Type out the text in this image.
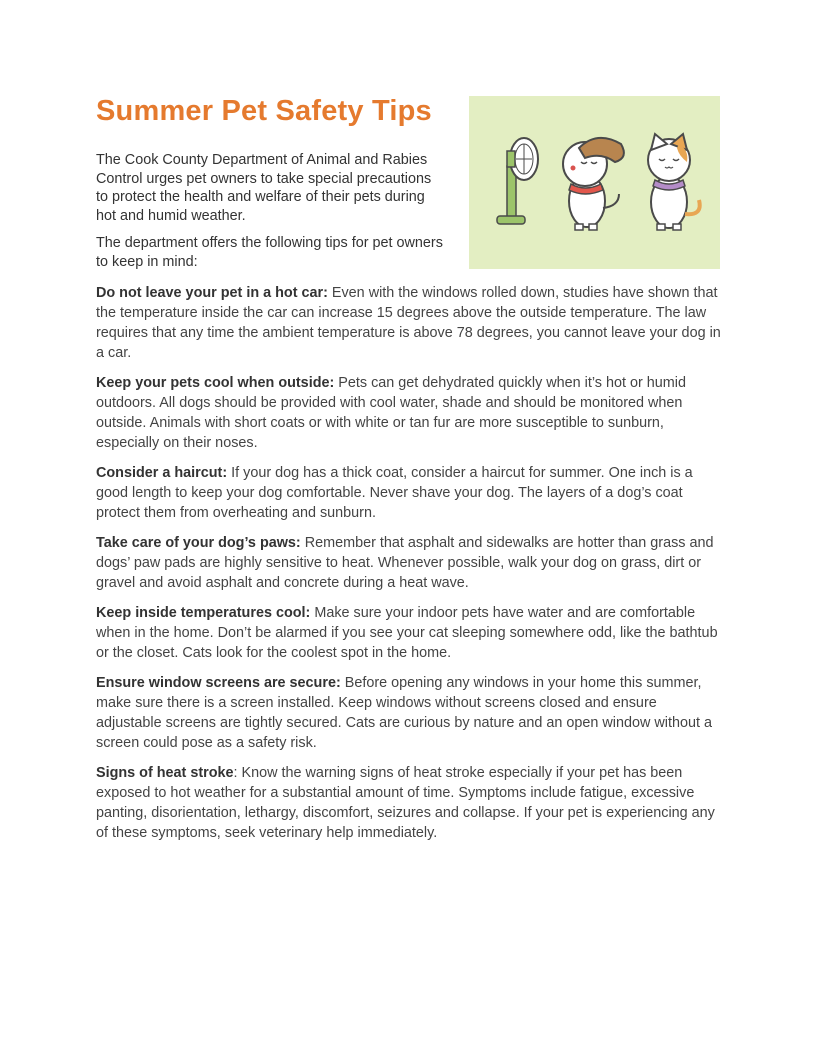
Summer Pet Safety Tips

The Cook County Department of Animal and Rabies Control urges pet owners to take special precautions to protect the health and welfare of their pets during hot and humid weather.

The department offers the following tips for pet owners to keep in mind:

Do not leave your pet in a hot car: Even with the windows rolled down, studies have shown that the temperature inside the car can increase 15 degrees above the outside temperature. The law requires that any time the ambient temperature is above 78 degrees, you cannot leave your dog in a car.

Keep your pets cool when outside: Pets can get dehydrated quickly when it’s hot or humid outdoors. All dogs should be provided with cool water, shade and should be monitored when outside. Animals with short coats or with white or tan fur are more susceptible to sunburn, especially on their noses.

Consider a haircut: If your dog has a thick coat, consider a haircut for summer. One inch is a good length to keep your dog comfortable. Never shave your dog. The layers of a dog’s coat protect them from overheating and sunburn.

Take care of your dog’s paws: Remember that asphalt and sidewalks are hotter than grass and dogs’ paw pads are highly sensitive to heat. Whenever possible, walk your dog on grass, dirt or gravel and avoid asphalt and concrete during a heat wave.

Keep inside temperatures cool: Make sure your indoor pets have water and are comfortable when in the home. Don’t be alarmed if you see your cat sleeping somewhere odd, like the bathtub or the closet. Cats look for the coolest spot in the home.

Ensure window screens are secure: Before opening any windows in your home this summer, make sure there is a screen installed. Keep windows without screens closed and ensure adjustable screens are tightly secured. Cats are curious by nature and an open window without a screen could pose as a safety risk.

Signs of heat stroke: Know the warning signs of heat stroke especially if your pet has been exposed to hot weather for a substantial amount of time. Symptoms include fatigue, excessive panting, disorientation, lethargy, discomfort, seizures and collapse. If your pet is experiencing any of these symptoms, seek veterinary help immediately.
